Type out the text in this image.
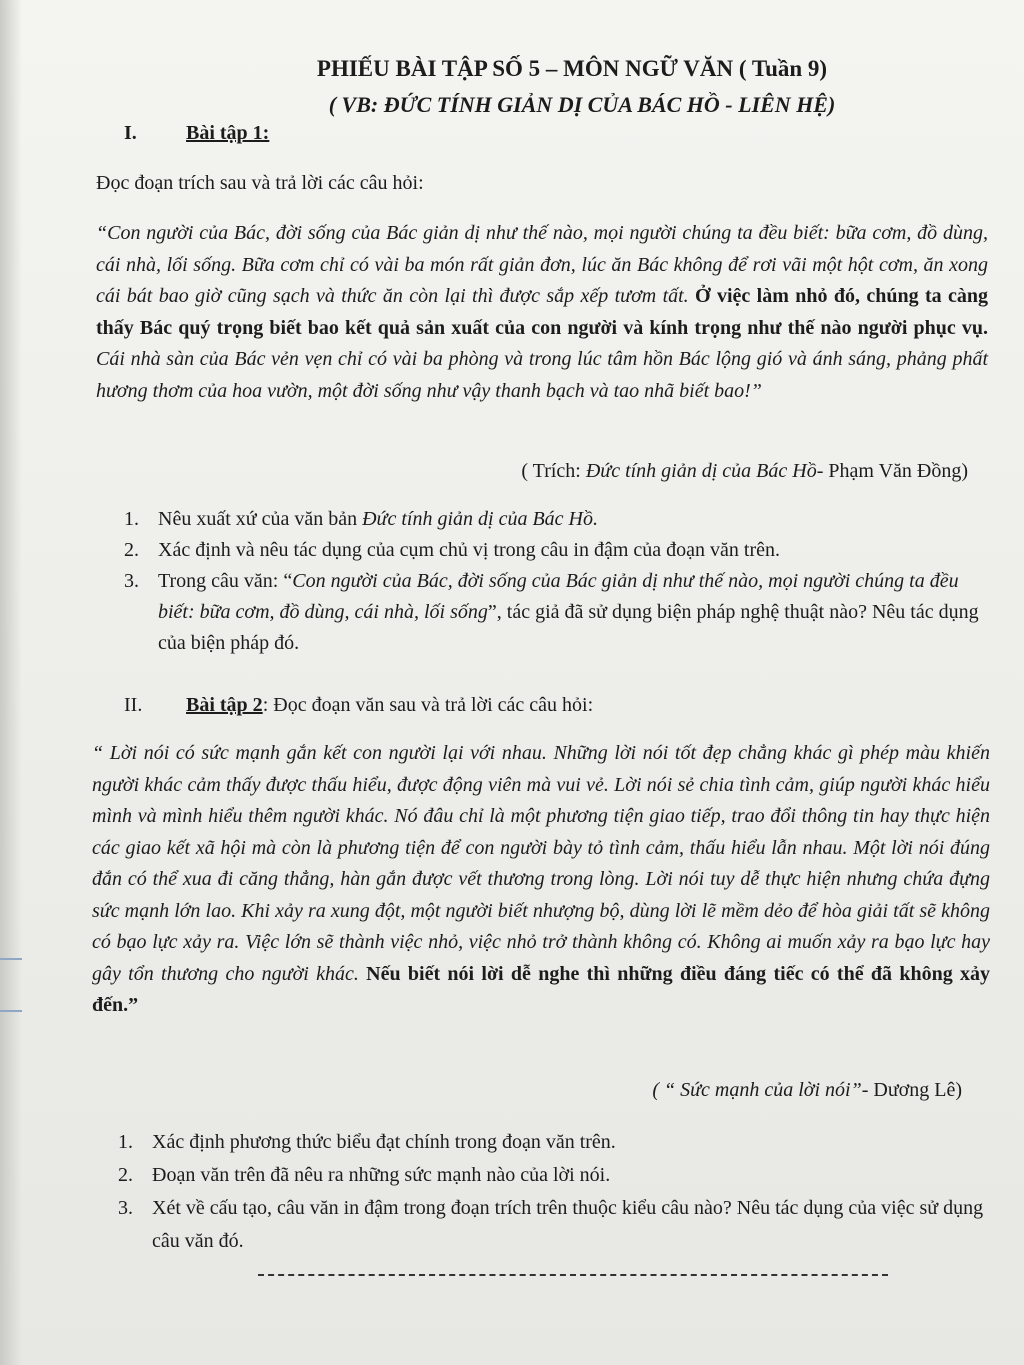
PHIẾU BÀI TẬP SỐ 5 – MÔN NGỮ VĂN ( Tuần 9)
( VB: ĐỨC TÍNH GIẢN DỊ CỦA BÁC HỒ - LIÊN HỆ)
I. Bài tập 1:
Đọc đoạn trích sau và trả lời các câu hỏi:
“Con người của Bác, đời sống của Bác giản dị như thế nào, mọi người chúng ta đều biết: bữa cơm, đồ dùng, cái nhà, lối sống. Bữa cơm chỉ có vài ba món rất giản đơn, lúc ăn Bác không để rơi vãi một hột cơm, ăn xong cái bát bao giờ cũng sạch và thức ăn còn lại thì được sắp xếp tươm tất. Ở việc làm nhỏ đó, chúng ta càng thấy Bác quý trọng biết bao kết quả sản xuất của con người và kính trọng như thế nào người phục vụ. Cái nhà sàn của Bác vẻn vẹn chỉ có vài ba phòng và trong lúc tâm hồn Bác lộng gió và ánh sáng, phảng phất hương thơm của hoa vườn, một đời sống như vậy thanh bạch và tao nhã biết bao!”
( Trích: Đức tính giản dị của Bác Hồ- Phạm Văn Đồng)
1. Nêu xuất xứ của văn bản Đức tính giản dị của Bác Hồ.
2. Xác định và nêu tác dụng của cụm chủ vị trong câu in đậm của đoạn văn trên.
3. Trong câu văn: “Con người của Bác, đời sống của Bác giản dị như thế nào, mọi người chúng ta đều biết: bữa cơm, đồ dùng, cái nhà, lối sống”, tác giả đã sử dụng biện pháp nghệ thuật nào? Nêu tác dụng của biện pháp đó.
II. Bài tập 2: Đọc đoạn văn sau và trả lời các câu hỏi:
“ Lời nói có sức mạnh gắn kết con người lại với nhau. Những lời nói tốt đẹp chẳng khác gì phép màu khiến người khác cảm thấy được thấu hiểu, được động viên mà vui vẻ. Lời nói sẻ chia tình cảm, giúp người khác hiểu mình và mình hiểu thêm người khác. Nó đâu chỉ là một phương tiện giao tiếp, trao đổi thông tin hay thực hiện các giao kết xã hội mà còn là phương tiện để con người bày tỏ tình cảm, thấu hiểu lẫn nhau. Một lời nói đúng đắn có thể xua đi căng thẳng, hàn gắn được vết thương trong lòng. Lời nói tuy dễ thực hiện nhưng chứa đựng sức mạnh lớn lao. Khi xảy ra xung đột, một người biết nhượng bộ, dùng lời lẽ mềm dẻo để hòa giải tất sẽ không có bạo lực xảy ra. Việc lớn sẽ thành việc nhỏ, việc nhỏ trở thành không có. Không ai muốn xảy ra bạo lực hay gây tổn thương cho người khác. Nếu biết nói lời dễ nghe thì những điều đáng tiếc có thể đã không xảy đến.”
( “ Sức mạnh của lời nói”- Dương Lê)
1. Xác định phương thức biểu đạt chính trong đoạn văn trên.
2. Đoạn văn trên đã nêu ra những sức mạnh nào của lời nói.
3. Xét về cấu tạo, câu văn in đậm trong đoạn trích trên thuộc kiểu câu nào? Nêu tác dụng của việc sử dụng câu văn đó.
